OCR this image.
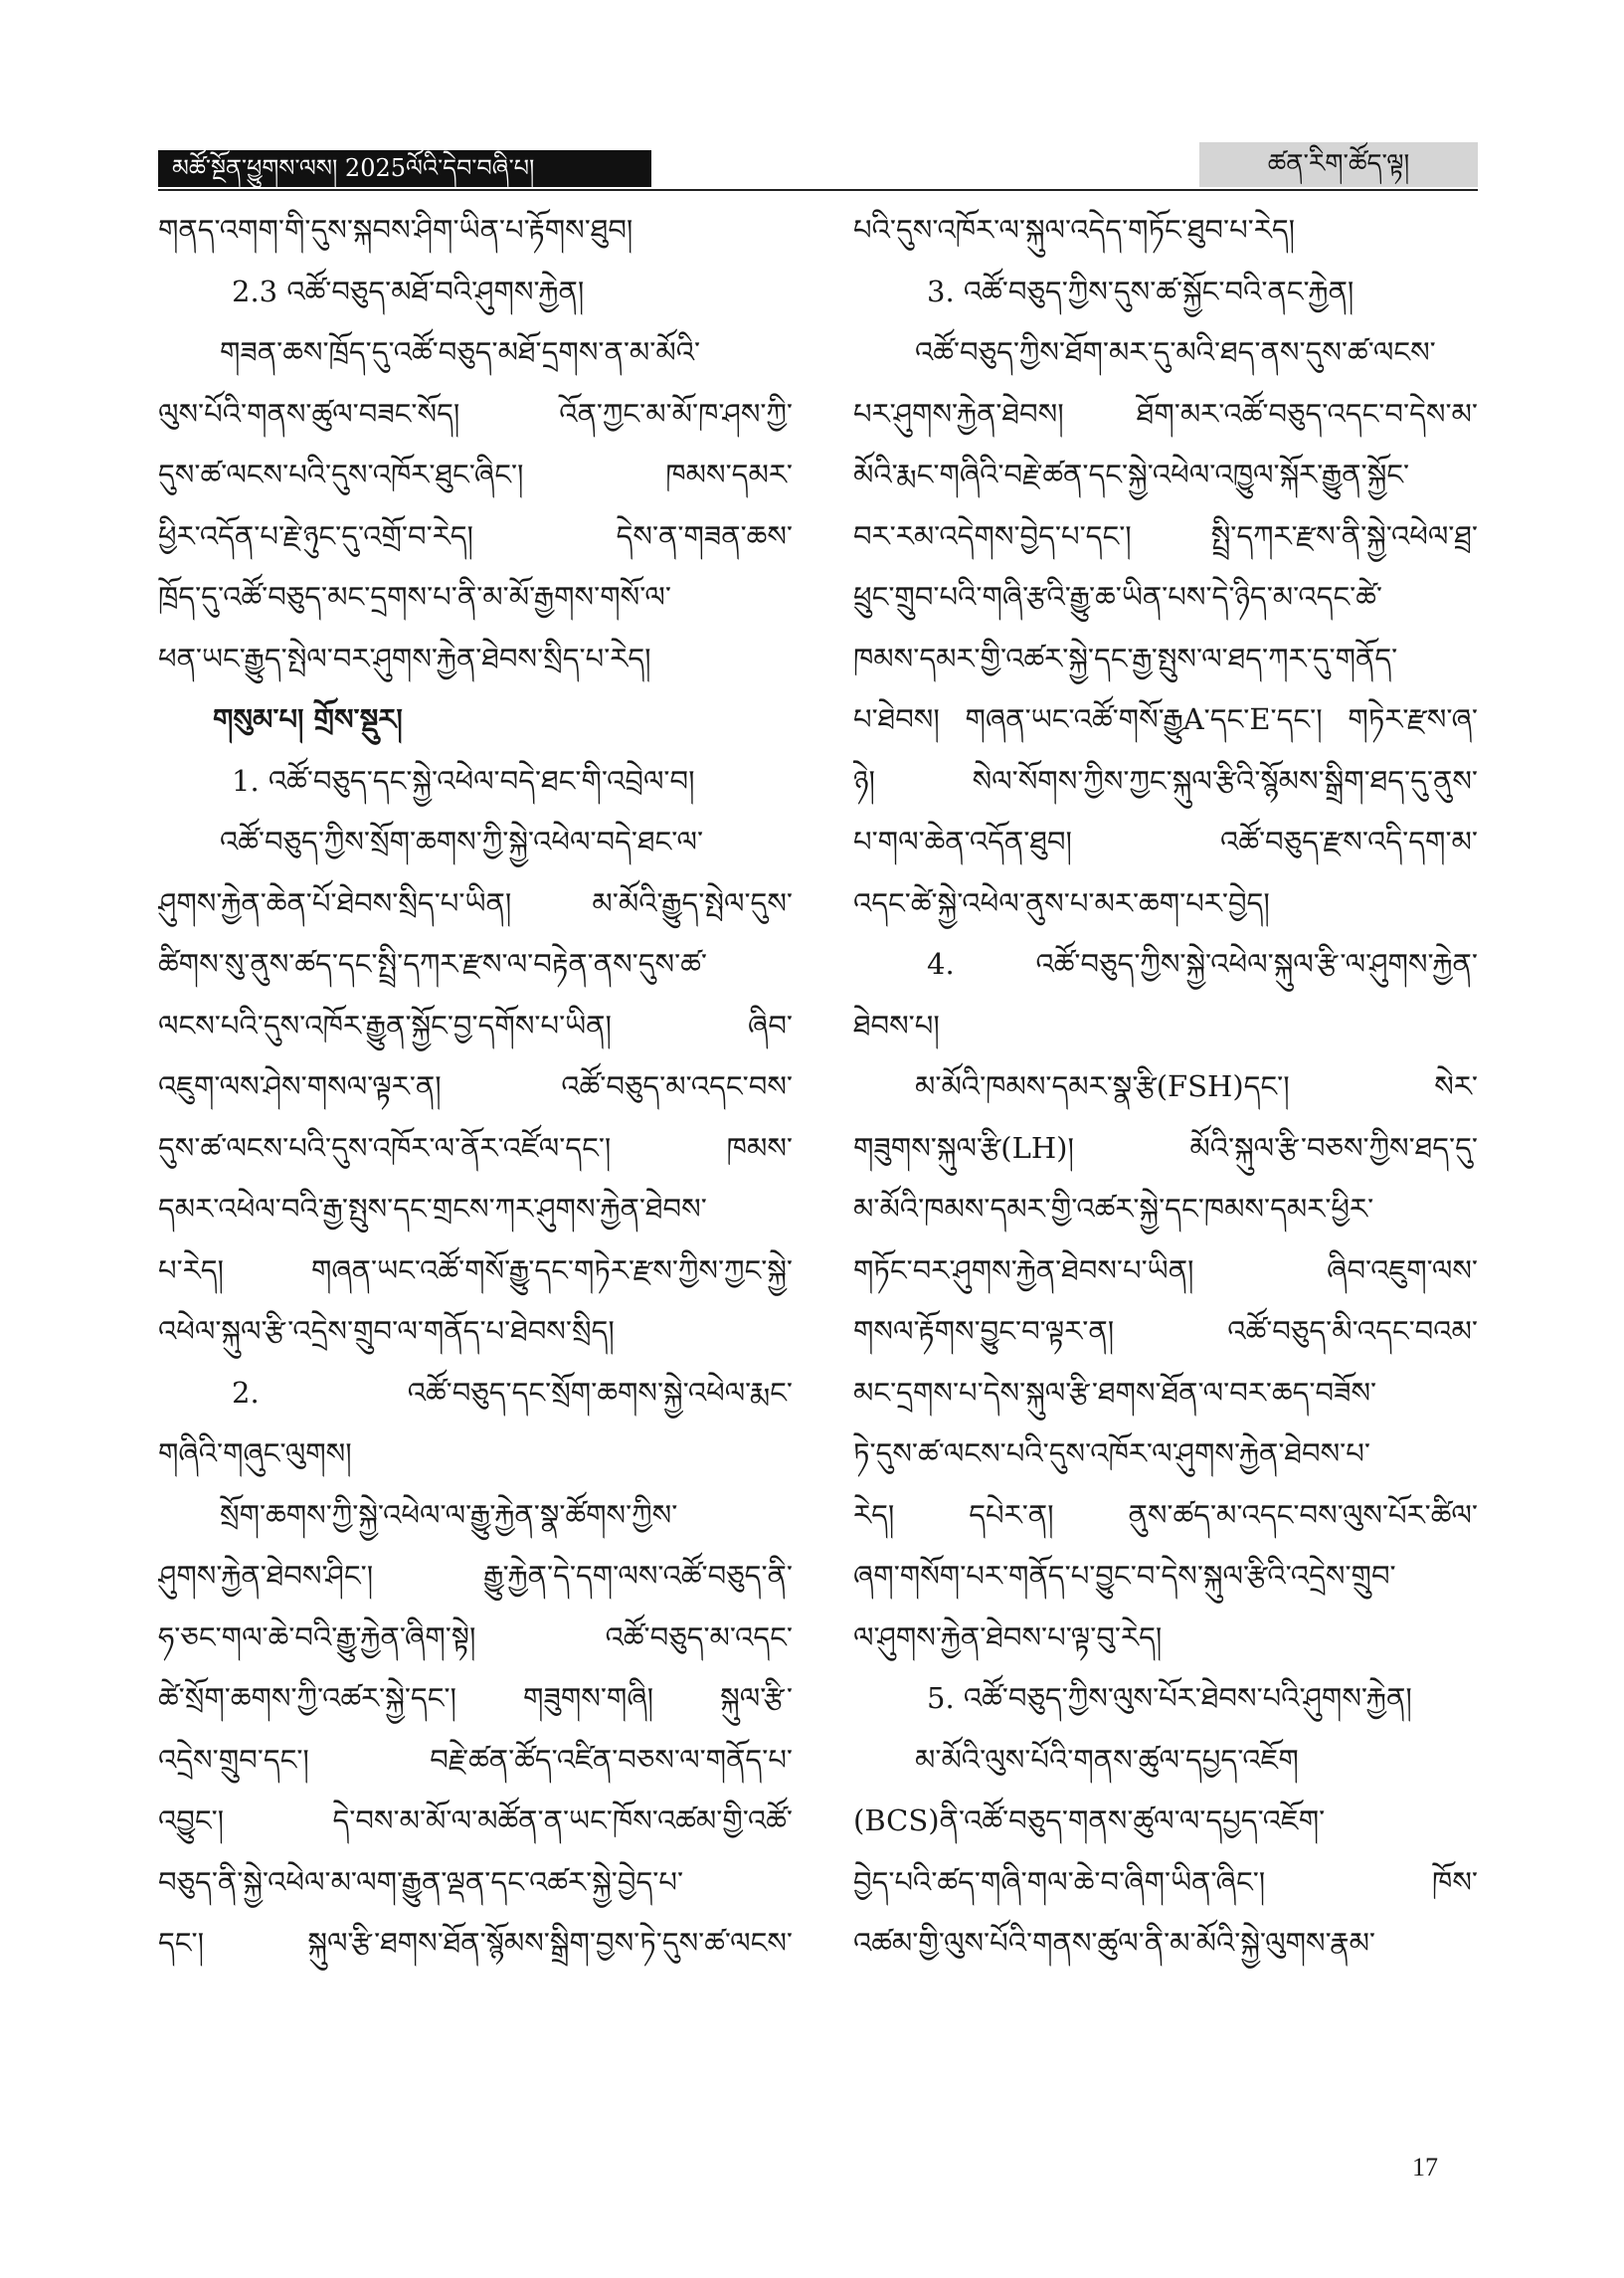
མཚོ་སྔོན་ཕྱུགས་ལས། 2025ལོའི་དེབ་བཞི་པ།	ཚན་རིག་ཚོད་ལྟ།
གནད་འགག་གི་དུས་སྐབས་ཤིག་ཡིན་པ་རྟོགས་ཐུབ།
2.3 འཚོ་བཅུད་མཐོ་བའི་ཤུགས་རྐྱེན།
གཟན་ཆས་ཁྲོད་དུ་འཚོ་བཅུད་མཐོ་དྲགས་ན་མ་མོའི་
ལུས་པོའི་གནས་ཚུལ་བཟང་སོད། འོན་ཀྱང་མ་མོ་ཁ་ཤས་ཀྱི་
དུས་ཚ་ལངས་པའི་དུས་འཁོར་ཐུང་ཞིང་། ཁམས་དམར་
ཕྱིར་འདོན་པ་རྗེ་ཉུང་དུ་འགྲོ་བ་རེད། དེས་ན་གཟན་ཆས་
ཁྲོད་དུ་འཚོ་བཅུད་མང་དྲགས་པ་ནི་མ་མོ་རྒྱགས་གསོ་ལ་
ཕན་ཡང་རྒྱུད་སྤེལ་བར་ཤུགས་རྐྱེན་ཐེབས་སྲིད་པ་རེད།
གསུམ་པ། གྲོས་སྡུར།
1. འཚོ་བཅུད་དང་སྐྱེ་འཕེལ་བདེ་ཐང་གི་འབྲེལ་བ།
འཚོ་བཅུད་ཀྱིས་སྲོག་ཆགས་ཀྱི་སྐྱེ་འཕེལ་བདེ་ཐང་ལ་
ཤུགས་རྐྱེན་ཆེན་པོ་ཐེབས་སྲིད་པ་ཡིན། མ་མོའི་རྒྱུད་སྤེལ་དུས་
ཚིགས་སུ་ནུས་ཚད་དང་སྤྲི་དཀར་རྫས་ལ་བརྟེན་ནས་དུས་ཚ་
ལངས་པའི་དུས་འཁོར་རྒྱུན་སྐྱོང་བྱ་དགོས་པ་ཡིན། ཞིབ་
འཇུག་ལས་ཤེས་གསལ་ལྟར་ན། འཚོ་བཅུད་མ་འདང་བས་
དུས་ཚ་ལངས་པའི་དུས་འཁོར་ལ་ནོར་འཛོལ་དང་། ཁམས་
དམར་འཕེལ་བའི་རྒྱ་སྤུས་དང་གྲངས་ཀར་ཤུགས་རྐྱེན་ཐེབས་
པ་རེད། གཞན་ཡང་འཚོ་གསོ་རྒྱུ་དང་གཏེར་རྫས་ཀྱིས་ཀྱང་སྐྱེ་
འཕེལ་སྐུལ་རྩི་འདྲེས་གྲུབ་ལ་གནོད་པ་ཐེབས་སྲིད།
2. འཚོ་བཅུད་དང་སྲོག་ཆགས་སྐྱེ་འཕེལ་རྨང་
གཞིའི་གཞུང་ལུགས།
སྲོག་ཆགས་ཀྱི་སྐྱེ་འཕེལ་ལ་རྒྱུ་རྐྱེན་སྣ་ཚོགས་ཀྱིས་
ཤུགས་རྐྱེན་ཐེབས་ཤིང་། རྒྱུ་རྐྱེན་དེ་དག་ལས་འཚོ་བཅུད་ནི་
ཧ་ཅང་གལ་ཆེ་བའི་རྒྱུ་རྐྱེན་ཞིག་སྟེ། འཚོ་བཅུད་མ་འདང་
ཚེ་སྲོག་ཆགས་ཀྱི་འཚར་སྐྱེ་དང་། གཟུགས་གཞི། སྐུལ་རྩི་
འདྲེས་གྲུབ་དང་། བརྗེ་ཚན་ཚོད་འཛིན་བཅས་ལ་གནོད་པ་
འབྱུང་། དེ་བས་མ་མོ་ལ་མཚོན་ན་ཡང་ཁོས་འཚམ་གྱི་འཚོ་
བཅུད་ནི་སྐྱེ་འཕེལ་མ་ལག་རྒྱུན་ལྡན་དང་འཚར་སྐྱེ་བྱེད་པ་
དང་། སྐུལ་རྩི་ཐགས་ཐོན་སྙོམས་སྒྲིག་བྱས་ཏེ་དུས་ཚ་ལངས་
པའི་དུས་འཁོར་ལ་སྐུལ་འདེད་གཏོང་ཐུབ་པ་རེད།
3. འཚོ་བཅུད་ཀྱིས་དུས་ཚ་སྐྱོང་བའི་ནང་རྐྱེན།
འཚོ་བཅུད་ཀྱིས་ཐོག་མར་དུ་མའི་ཐད་ནས་དུས་ཚ་ལངས་
པར་ཤུགས་རྐྱེན་ཐེབས། ཐོག་མར་འཚོ་བཅུད་འདང་བ་དེས་མ་
མོའི་རྨང་གཞིའི་བརྗེ་ཚན་དང་སྐྱེ་འཕེལ་འཁྱུལ་སྐོར་རྒྱུན་སྐྱོང་
བར་རམ་འདེགས་བྱེད་པ་དང་། སྤྲི་དཀར་རྫས་ནི་སྐྱེ་འཕེལ་ཐྲ་
ཕྲུང་གྲུབ་པའི་གཞི་རྩའི་རྒྱུ་ཆ་ཡིན་པས་དེ་ཉིད་མ་འདང་ཚེ་
ཁམས་དམར་གྱི་འཚར་སྐྱེ་དང་རྒྱ་སྤུས་ལ་ཐད་ཀར་དུ་གནོད་
པ་ཐེབས། གཞན་ཡང་འཚོ་གསོ་རྒྱུA་དང་E་དང་། གཏེར་རྫས་ཞ་
ཉེ། སེལ་སོགས་ཀྱིས་ཀྱང་སྐུལ་རྩིའི་སྙོམས་སྒྲིག་ཐད་དུ་ནུས་
པ་གལ་ཆེན་འདོན་ཐུབ། འཚོ་བཅུད་རྫས་འདི་དག་མ་
འདང་ཚེ་སྐྱེ་འཕེལ་ནུས་པ་མར་ཆག་པར་བྱེད།
4. འཚོ་བཅུད་ཀྱིས་སྐྱེ་འཕེལ་སྐུལ་རྩི་ལ་ཤུགས་རྐྱེན་
ཐེབས་པ།
མ་མོའི་ཁམས་དམར་སྣ་རྩི(FSH)དང་། སེར་
གཟུགས་སྐུལ་རྩི(LH)། མོའི་སྐུལ་རྩི་བཅས་ཀྱིས་ཐད་དུ་
མ་མོའི་ཁམས་དམར་གྱི་འཚར་སྐྱེ་དང་ཁམས་དམར་ཕྱིར་
གཏོང་བར་ཤུགས་རྐྱེན་ཐེབས་པ་ཡིན། ཞིབ་འཇུག་ལས་
གསལ་རྟོགས་བྱུང་བ་ལྟར་ན། འཚོ་བཅུད་མི་འདང་བའམ་
མང་དྲགས་པ་དེས་སྐུལ་རྩི་ཐགས་ཐོན་ལ་བར་ཆད་བཟོས་
ཏེ་དུས་ཚ་ལངས་པའི་དུས་འཁོར་ལ་ཤུགས་རྐྱེན་ཐེབས་པ་
རེད། དཔེར་ན། ནུས་ཚད་མ་འདང་བས་ལུས་པོར་ཚིལ་
ཞག་གསོག་པར་གནོད་པ་བྱུང་བ་དེས་སྐུལ་རྩིའི་འདྲེས་གྲུབ་
ལ་ཤུགས་རྐྱེན་ཐེབས་པ་ལྟ་བུ་རེད།
5. འཚོ་བཅུད་ཀྱིས་ལུས་པོར་ཐེབས་པའི་ཤུགས་རྐྱེན།
མ་མོའི་ལུས་པོའི་གནས་ཚུལ་དཔྱད་འཇོག
(BCS)ནི་འཚོ་བཅུད་གནས་ཚུལ་ལ་དཔྱད་འཇོག་
བྱེད་པའི་ཚད་གཞི་གལ་ཆེ་བ་ཞིག་ཡིན་ཞིང་། ཁོས་
འཚམ་གྱི་ལུས་པོའི་གནས་ཚུལ་ནི་མ་མོའི་སྐྱེ་ལུགས་རྣམ་
17
